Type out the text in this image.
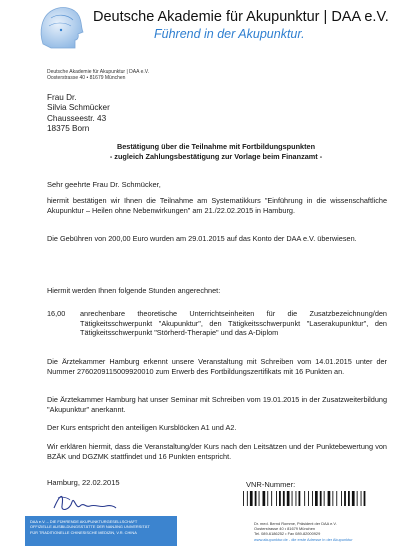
Deutsche Akademie für Akupunktur | DAA e.V.
Führend in der Akupunktur.
Deutsche Akademie für Akupunktur | DAA e.V.
Oosterstrasse 40 • 81679 München
Frau Dr.
Silvia Schmücker
Chausseestr. 43
18375 Born
Bestätigung über die Teilnahme mit Fortbildungspunkten
- zugleich Zahlungsbestätigung zur Vorlage beim Finanzamt -
Sehr geehrte Frau Dr. Schmücker,
hiermit bestätigen wir Ihnen die Teilnahme am Systematikkurs "Einführung in die wissenschaftliche Akupunktur – Heilen ohne Nebenwirkungen" am 21./22.02.2015 in Hamburg.
Die Gebühren von 200,00 Euro wurden am 29.01.2015 auf das Konto der DAA e.V. überwiesen.
Hiermit werden Ihnen folgende Stunden angerechnet:
16,00	anrechenbare theoretische Unterrichtseinheiten für die Zusatzbezeichnung/den Tätigkeitsschwerpunkt "Akupunktur", den Tätigkeitsschwerpunkt "Laserakupunktur", den Tätigkeitsschwerpunkt "Störherd-Therapie" und das A-Diplom
Die Ärztekammer Hamburg erkennt unsere Veranstaltung mit Schreiben vom 14.01.2015 unter der Nummer 2760209115009920010 zum Erwerb des Fortbildungszertifikats mit 16 Punkten an.
Die Ärztekammer Hamburg hat unser Seminar mit Schreiben vom 19.01.2015 in der Zusatzweiterbildung "Akupunktur" anerkannt.
Der Kurs entspricht den anteiligen Kursblöcken A1 und A2.
Wir erklären hiermit, dass die Veranstaltung/der Kurs nach den Leitsätzen und der Punktebewertung von BZÄK und DGZMK stattfindet und 16 Punkten entspricht.
Hamburg, 22.02.2015	VNR-Nummer:
DAA e.V. – DIE FÜHRENDE AKUPUNKTURGESELLSCHAFT
OFFIZIELLE AUSBILDUNGSSTÄTTE DER NANJING UNIVERSITÄT
FÜR TRADITIONELLE CHINESISCHE MEDIZIN, V.R. CHINA
Dr. med. Bernd Romme, Präsident der DAA e.V.
Oosterstrasse 40 • 81679 München
Tel. 089-6186252 • Fax 089-82000929
www.akupunktur.de - die erste Adresse in der Akupunktur
